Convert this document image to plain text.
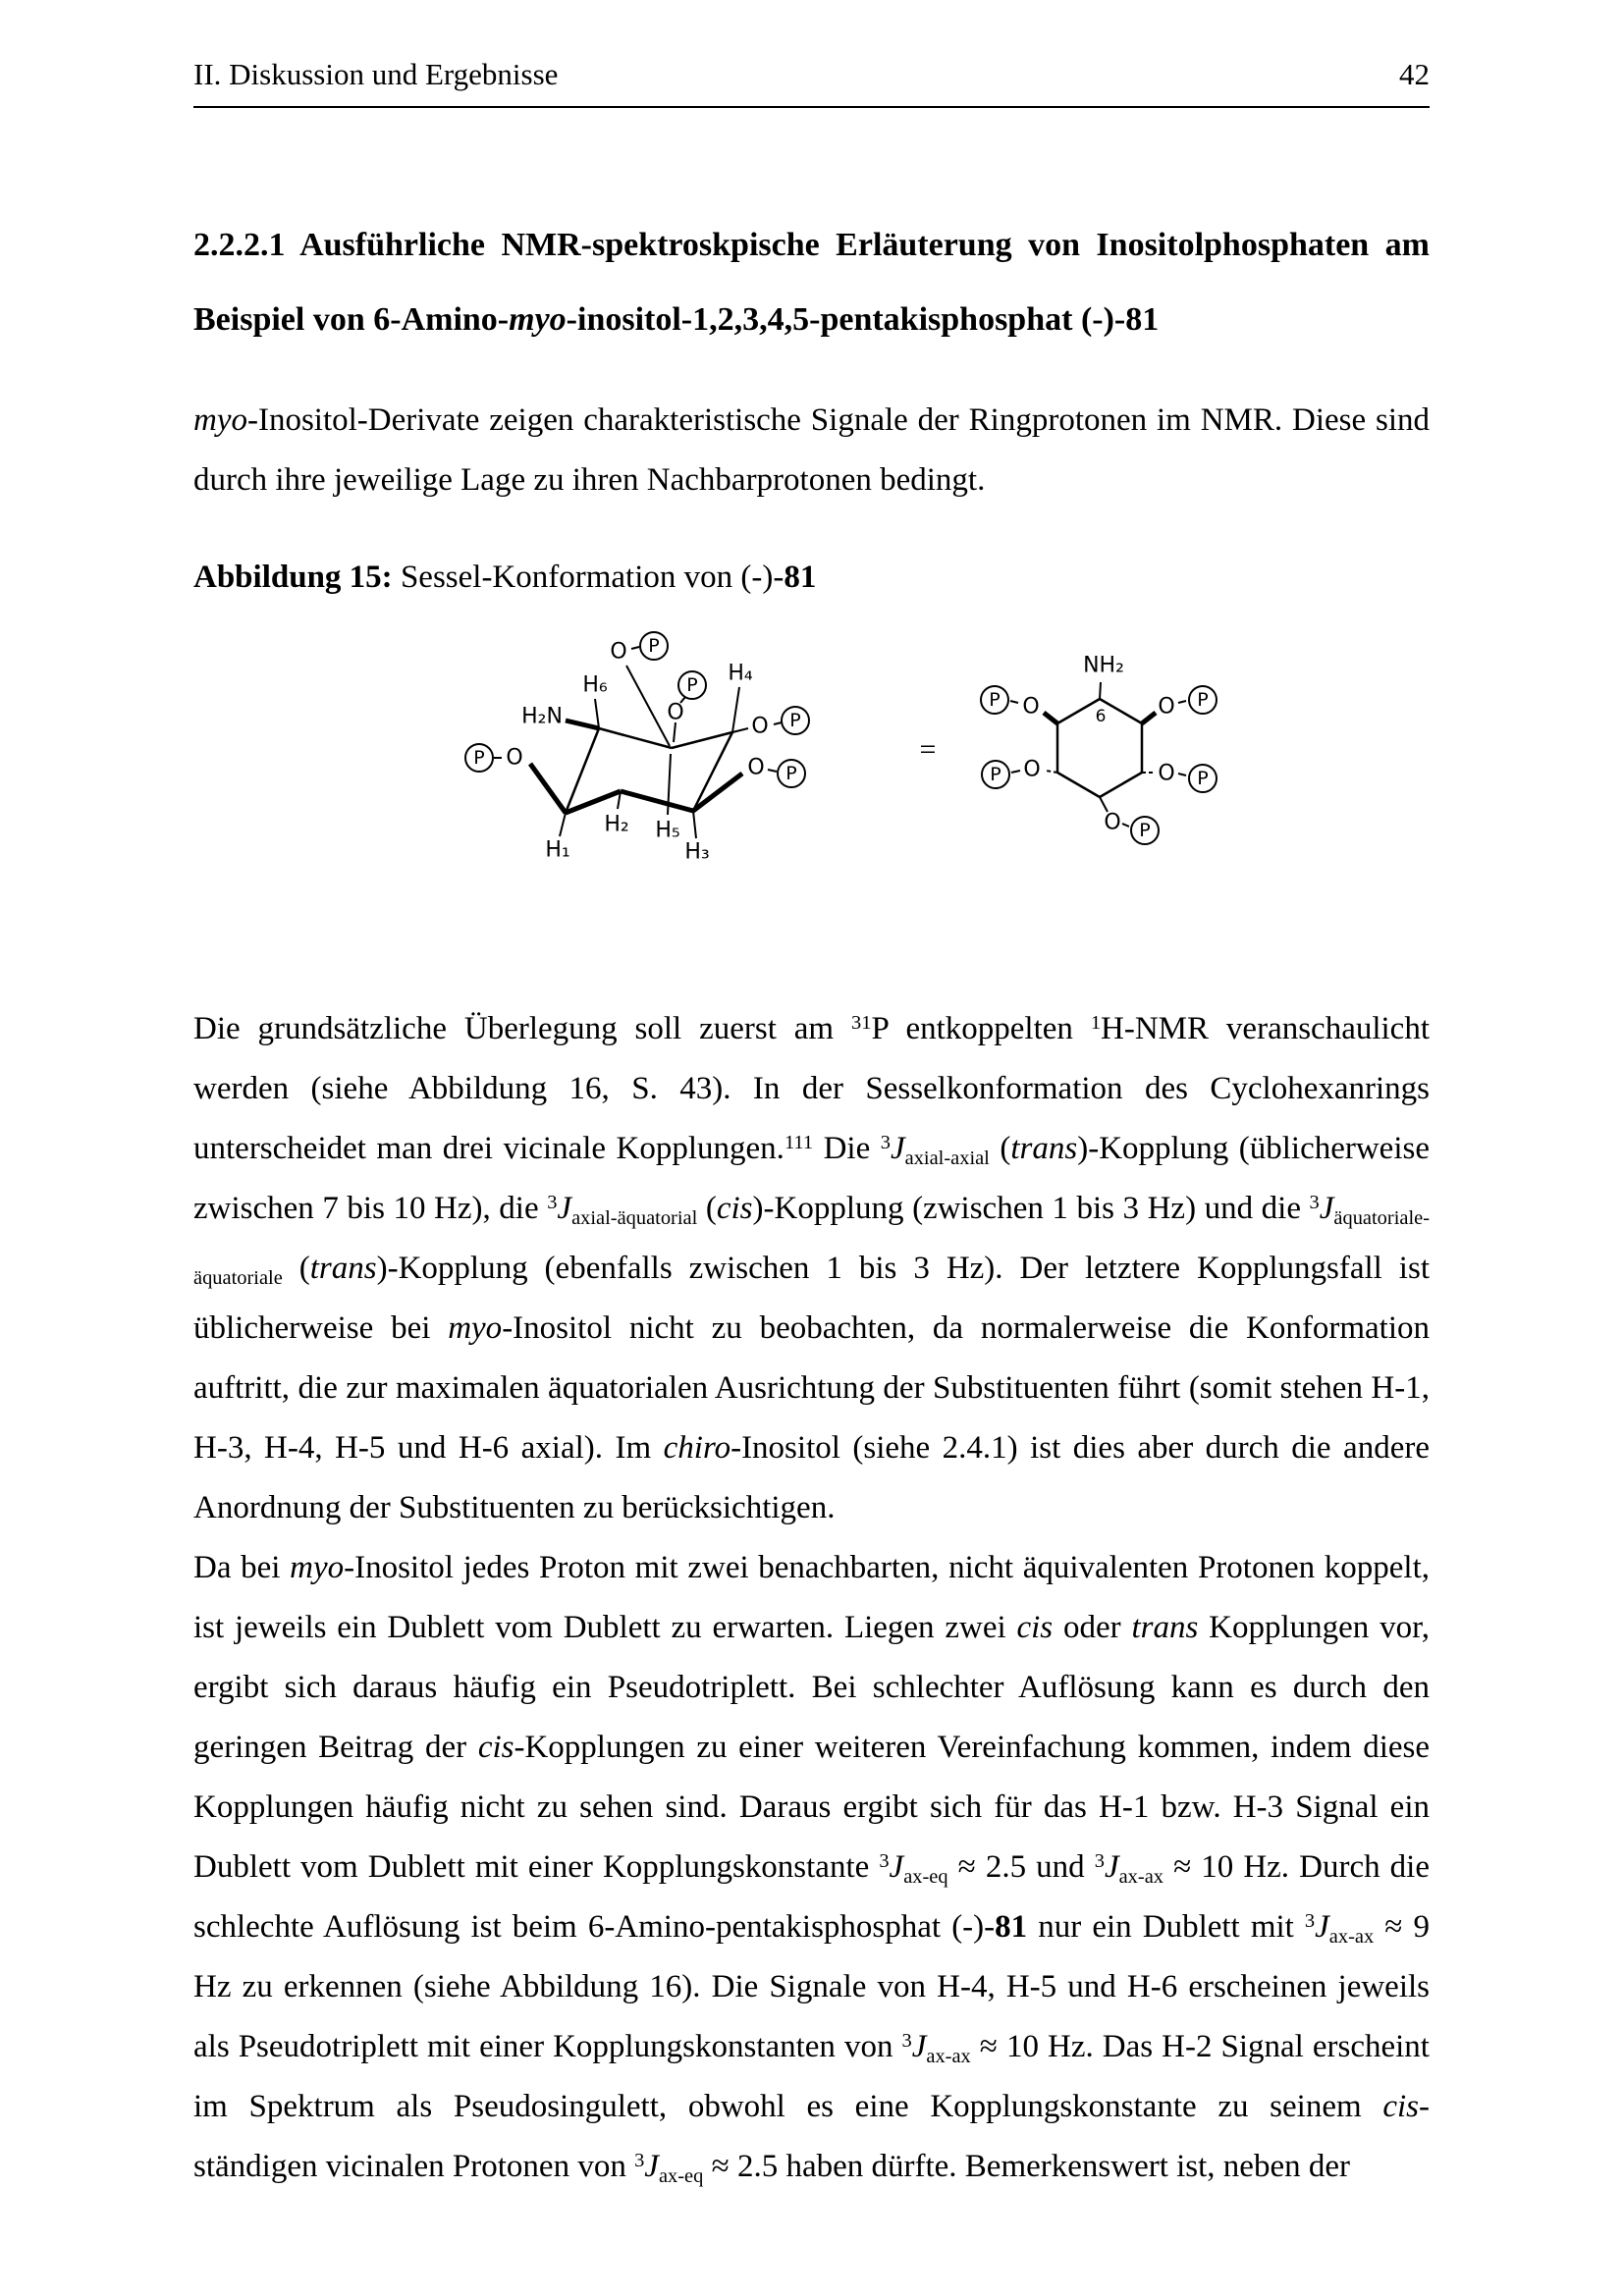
II. Diskussion und Ergebnisse	42
2.2.2.1 Ausführliche NMR-spektroskpische Erläuterung von Inositolphosphaten am Beispiel von 6-Amino-myo-inositol-1,2,3,4,5-pentakisphosphat (-)-81

myo-Inositol-Derivate zeigen charakteristische Signale der Ringprotonen im NMR. Diese sind durch ihre jeweilige Lage zu ihren Nachbarprotonen bedingt.

Abbildung 15: Sessel-Konformation von (-)-81
H₆
O	P
P
O
H₄
H₂N
P O
O	P
O	P
H₁
H₂ H₅
H₃
=
NH₂
6
O
P	O	P
O
P	O	P
O P

Die grundsätzliche Überlegung soll zuerst am $^{31}$P entkoppelten $^1$H-NMR veranschaulicht werden (siehe Abbildung 16, S. 43). In der Sesselkonformation des Cyclohexanrings unterscheidet man drei vicinale Kopplungen.$^{111}$ Die $^3$Jaxial-axial (trans)-Kopplung (üblicherweise zwischen 7 bis 10 Hz), die $^3$Jaxial-äquatorial (cis)-Kopplung (zwischen 1 bis 3 Hz) und die $^3$Jäquatoriale-äquatoriale (trans)-Kopplung (ebenfalls zwischen 1 bis 3 Hz). Der letztere Kopplungsfall ist üblicherweise bei myo-Inositol nicht zu beobachten, da normalerweise die Konformation auftritt, die zur maximalen äquatorialen Ausrichtung der Substituenten führt (somit stehen H-1, H-3, H-4, H-5 und H-6 axial). Im chiro-Inositol (siehe 2.4.1) ist dies aber durch die andere Anordnung der Substituenten zu berücksichtigen.

Da bei myo-Inositol jedes Proton mit zwei benachbarten, nicht äquivalenten Protonen koppelt, ist jeweils ein Dublett vom Dublett zu erwarten. Liegen zwei cis oder trans Kopplungen vor, ergibt sich daraus häufig ein Pseudotriplett. Bei schlechter Auflösung kann es durch den geringen Beitrag der cis-Kopplungen zu einer weiteren Vereinfachung kommen, indem diese Kopplungen häufig nicht zu sehen sind. Daraus ergibt sich für das H-1 bzw. H-3 Signal ein Dublett vom Dublett mit einer Kopplungskonstante $^3$Jax-eq ≈ 2.5 und $^3$Jax-ax ≈ 10 Hz. Durch die schlechte Auflösung ist beim 6-Amino-pentakisphosphat (-)-81 nur ein Dublett mit $^3$Jax-ax ≈ 9 Hz zu erkennen (siehe Abbildung 16). Die Signale von H-4, H-5 und H-6 erscheinen jeweils als Pseudotriplett mit einer Kopplungskonstanten von $^3$Jax-ax ≈ 10 Hz. Das H-2 Signal erscheint im Spektrum als Pseudosingulett, obwohl es eine Kopplungskonstante zu seinem cis- ständigen vicinalen Protonen von $^3$Jax-eq ≈ 2.5 haben dürfte. Bemerkenswert ist, neben der
